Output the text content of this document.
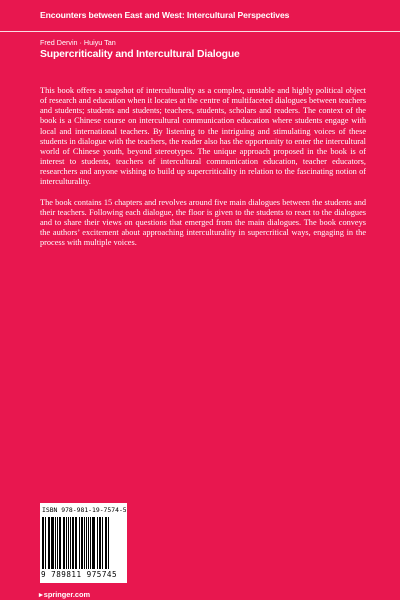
Encounters between East and West: Intercultural Perspectives
Fred Dervin · Huiyu Tan
Supercriticality and Intercultural Dialogue

This book offers a snapshot of interculturality as a complex, unstable and highly political object of research and education when it locates at the centre of multifaceted dialogues between teachers and students; students and students; teachers, students, scholars and readers. The context of the book is a Chinese course on intercultural communication education where students engage with local and international teachers. By listening to the intriguing and stimulating voices of these students in dialogue with the teachers, the reader also has the opportunity to enter the intercultural world of Chinese youth, beyond stereotypes. The unique approach proposed in the book is of interest to students, teachers of intercultural communication education, teacher educators, researchers and anyone wishing to build up supercriticality in relation to the fascinating notion of interculturality.

The book contains 15 chapters and revolves around five main dialogues between the students and their teachers. Following each dialogue, the floor is given to the students to react to the dialogues and to share their views on questions that emerged from the main dialogues. The book conveys the authors’ excitement about approaching interculturality in supercritical ways, engaging in the process with multiple voices.

ISBN 978-981-19-7574-5
9 789811 975745
▸springer.com
